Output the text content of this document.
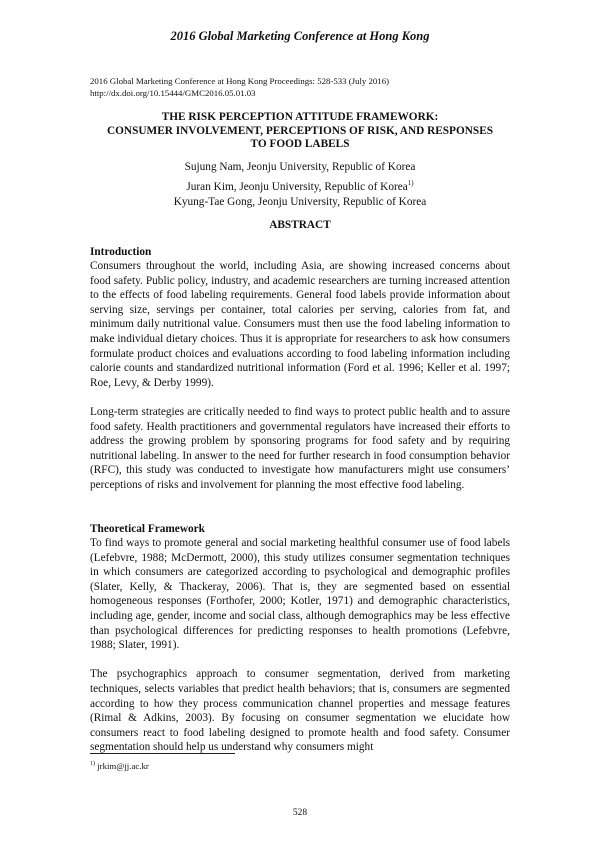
2016 Global Marketing Conference at Hong Kong
2016 Global Marketing Conference at Hong Kong Proceedings: 528-533 (July 2016)
http://dx.doi.org/10.15444/GMC2016.05.01.03
THE RISK PERCEPTION ATTITUDE FRAMEWORK:
CONSUMER INVOLVEMENT, PERCEPTIONS OF RISK, AND RESPONSES
TO FOOD LABELS
Sujung Nam, Jeonju University, Republic of Korea
Juran Kim, Jeonju University, Republic of Korea$^{1)}$
Kyung-Tae Gong, Jeonju University, Republic of Korea
ABSTRACT
Introduction

Consumers throughout the world, including Asia, are showing increased concerns about food safety. Public policy, industry, and academic researchers are turning increased attention to the effects of food labeling requirements. General food labels provide information about serving size, servings per container, total calories per serving, calories from fat, and minimum daily nutritional value. Consumers must then use the food labeling information to make individual dietary choices. Thus it is appropriate for researchers to ask how consumers formulate product choices and evaluations according to food labeling information including calorie counts and standardized nutritional information (Ford et al. 1996; Keller et al. 1997; Roe, Levy, & Derby 1999).

Long-term strategies are critically needed to find ways to protect public health and to assure food safety. Health practitioners and governmental regulators have increased their efforts to address the growing problem by sponsoring programs for food safety and by requiring nutritional labeling. In answer to the need for further research in food consumption behavior (RFC), this study was conducted to investigate how manufacturers might use consumers’ perceptions of risks and involvement for planning the most effective food labeling.

Theoretical Framework

To find ways to promote general and social marketing healthful consumer use of food labels (Lefebvre, 1988; McDermott, 2000), this study utilizes consumer segmentation techniques in which consumers are categorized according to psychological and demographic profiles (Slater, Kelly, & Thackeray, 2006). That is, they are segmented based on essential homogeneous responses (Forthofer, 2000; Kotler, 1971) and demographic characteristics, including age, gender, income and social class, although demographics may be less effective than psychological differences for predicting responses to health promotions (Lefebvre, 1988; Slater, 1991).

The psychographics approach to consumer segmentation, derived from marketing techniques, selects variables that predict health behaviors; that is, consumers are segmented according to how they process communication channel properties and message features (Rimal & Adkins, 2003). By focusing on consumer segmentation we elucidate how consumers react to food labeling designed to promote health and food safety. Consumer segmentation should help us understand why consumers might

$^{1)}$ jrkim@jj.ac.kr
528
